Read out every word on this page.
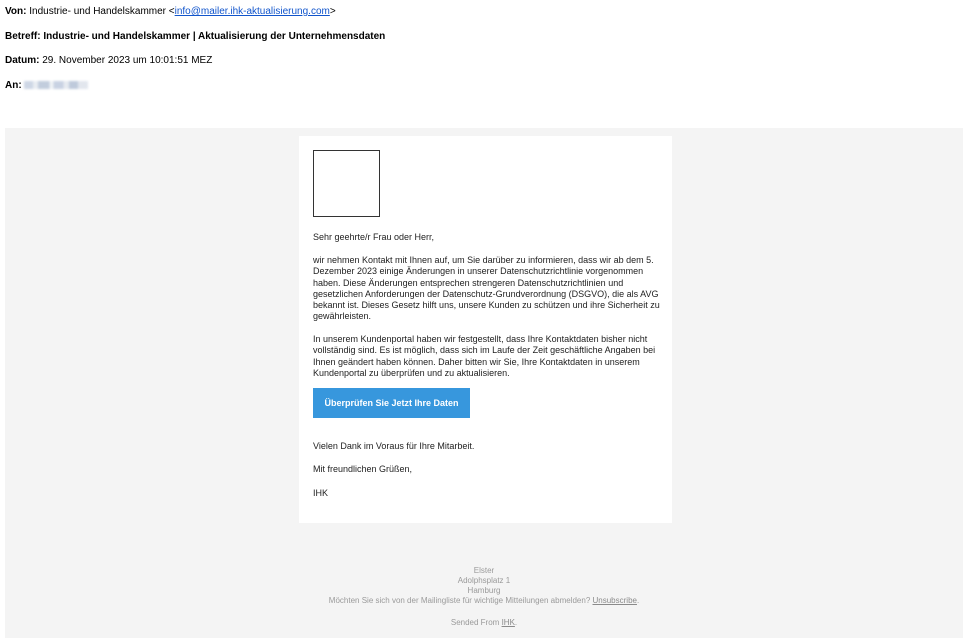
Von: Industrie- und Handelskammer <info@mailer.ihk-aktualisierung.com>
Betreff: Industrie- und Handelskammer | Aktualisierung der Unternehmensdaten
Datum: 29. November 2023 um 10:01:51 MEZ
An:
Sehr geehrte/r Frau oder Herr,
wir nehmen Kontakt mit Ihnen auf, um Sie darüber zu informieren, dass wir ab dem 5. Dezember 2023 einige Änderungen in unserer Datenschutzrichtlinie vorgenommen haben. Diese Änderungen entsprechen strengeren Datenschutzrichtlinien und gesetzlichen Anforderungen der Datenschutz-Grundverordnung (DSGVO), die als AVG bekannt ist. Dieses Gesetz hilft uns, unsere Kunden zu schützen und ihre Sicherheit zu gewährleisten.
In unserem Kundenportal haben wir festgestellt, dass Ihre Kontaktdaten bisher nicht vollständig sind. Es ist möglich, dass sich im Laufe der Zeit geschäftliche Angaben bei Ihnen geändert haben können. Daher bitten wir Sie, Ihre Kontaktdaten in unserem Kundenportal zu überprüfen und zu aktualisieren.
Überprüfen Sie Jetzt Ihre Daten
Vielen Dank im Voraus für Ihre Mitarbeit.
Mit freundlichen Grüßen,
IHK
Elster
Adolphsplatz 1
Hamburg
Möchten Sie sich von der Mailingliste für wichtige Mitteilungen abmelden? Unsubscribe.
Sended From IHK.
